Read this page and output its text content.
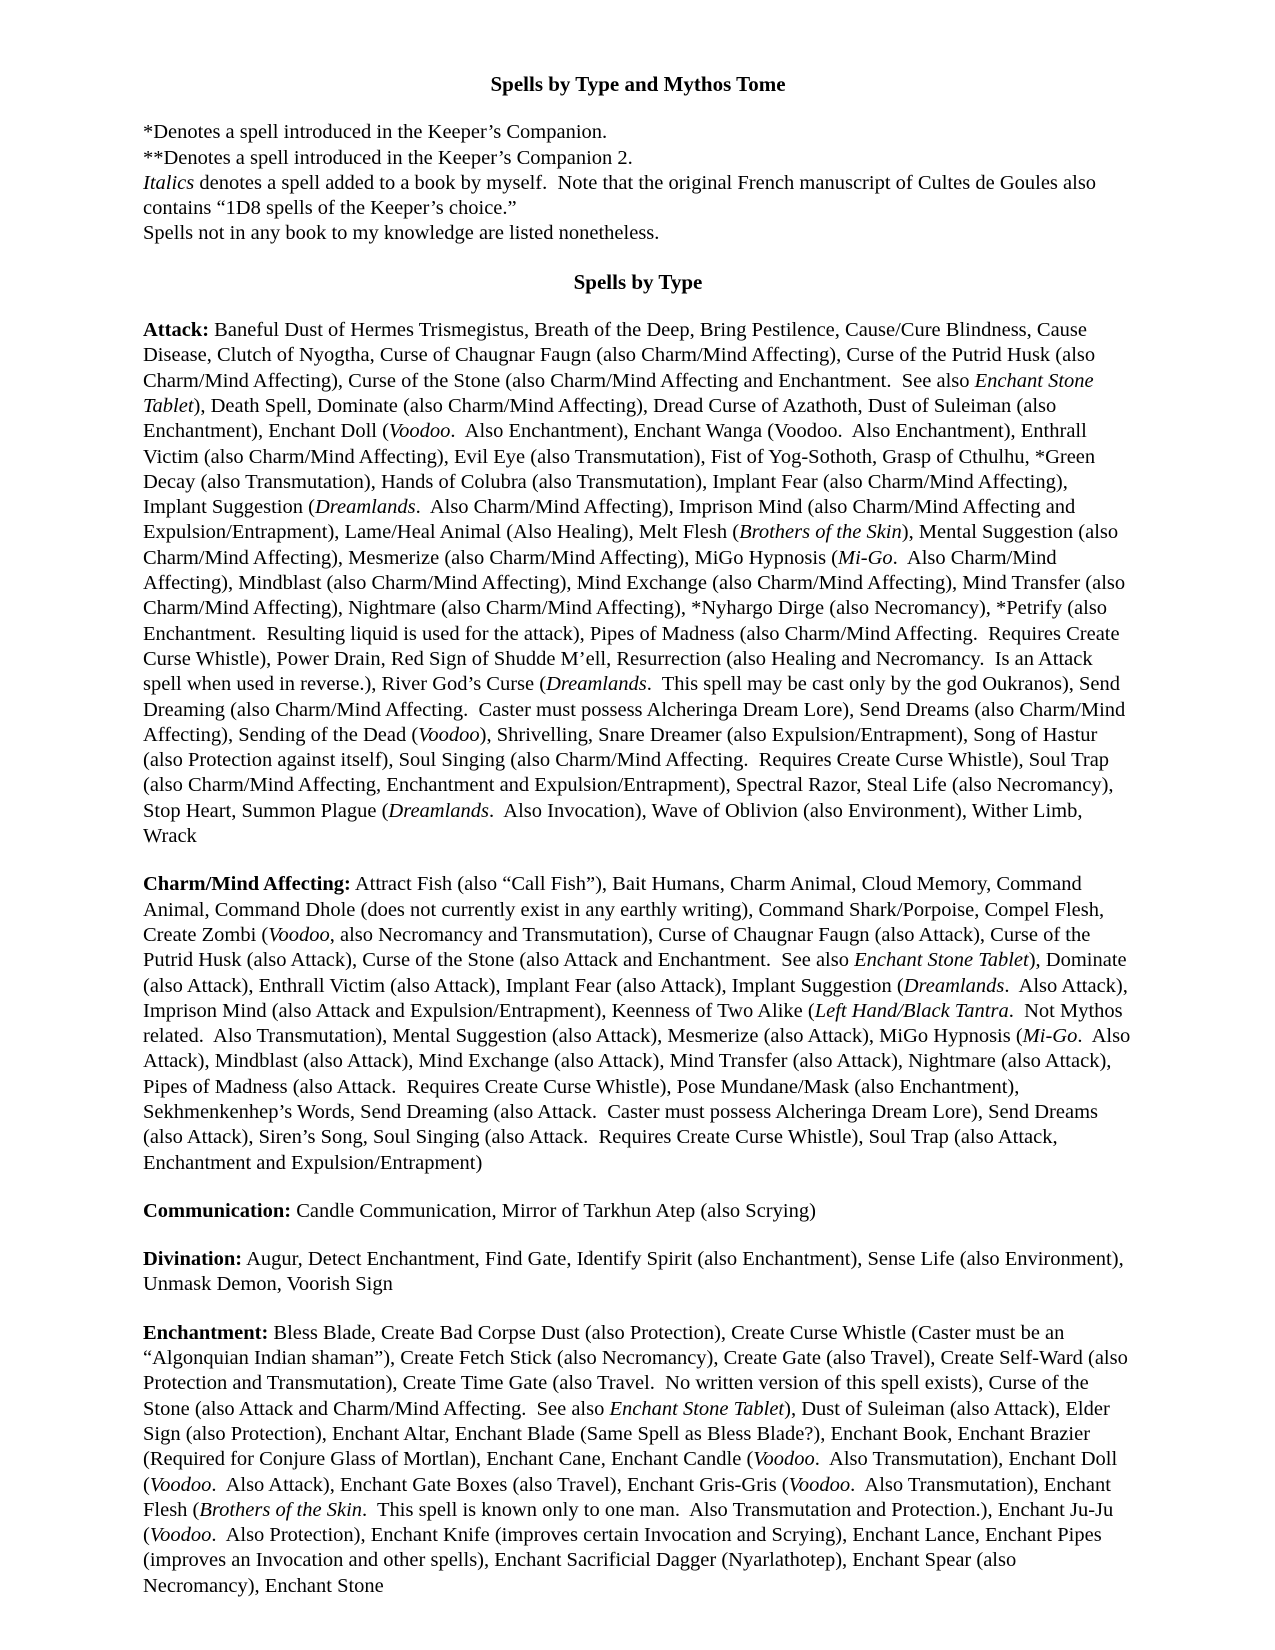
Spells by Type and Mythos Tome

*Denotes a spell introduced in the Keeper’s Companion.
**Denotes a spell introduced in the Keeper’s Companion 2.
Italics denotes a spell added to a book by myself.  Note that the original French manuscript of Cultes de Goules also contains “1D8 spells of the Keeper’s choice.”
Spells not in any book to my knowledge are listed nonetheless.

Spells by Type

Attack: Baneful Dust of Hermes Trismegistus, Breath of the Deep, Bring Pestilence, Cause/Cure Blindness, Cause Disease, Clutch of Nyogtha, Curse of Chaugnar Faugn (also Charm/Mind Affecting), Curse of the Putrid Husk (also Charm/Mind Affecting), Curse of the Stone (also Charm/Mind Affecting and Enchantment.  See also Enchant Stone Tablet), Death Spell, Dominate (also Charm/Mind Affecting), Dread Curse of Azathoth, Dust of Suleiman (also Enchantment), Enchant Doll (Voodoo.  Also Enchantment), Enchant Wanga (Voodoo.  Also Enchantment), Enthrall Victim (also Charm/Mind Affecting), Evil Eye (also Transmutation), Fist of Yog-Sothoth, Grasp of Cthulhu, *Green Decay (also Transmutation), Hands of Colubra (also Transmutation), Implant Fear (also Charm/Mind Affecting), Implant Suggestion (Dreamlands.  Also Charm/Mind Affecting), Imprison Mind (also Charm/Mind Affecting and Expulsion/Entrapment), Lame/Heal Animal (Also Healing), Melt Flesh (Brothers of the Skin), Mental Suggestion (also Charm/Mind Affecting), Mesmerize (also Charm/Mind Affecting), MiGo Hypnosis (Mi-Go.  Also Charm/Mind Affecting), Mindblast (also Charm/Mind Affecting), Mind Exchange (also Charm/Mind Affecting), Mind Transfer (also Charm/Mind Affecting), Nightmare (also Charm/Mind Affecting), *Nyhargo Dirge (also Necromancy), *Petrify (also Enchantment.  Resulting liquid is used for the attack), Pipes of Madness (also Charm/Mind Affecting.  Requires Create Curse Whistle), Power Drain, Red Sign of Shudde M’ell, Resurrection (also Healing and Necromancy.  Is an Attack spell when used in reverse.), River God’s Curse (Dreamlands.  This spell may be cast only by the god Oukranos), Send Dreaming (also Charm/Mind Affecting.  Caster must possess Alcheringa Dream Lore), Send Dreams (also Charm/Mind Affecting), Sending of the Dead (Voodoo), Shrivelling, Snare Dreamer (also Expulsion/Entrapment), Song of Hastur (also Protection against itself), Soul Singing (also Charm/Mind Affecting.  Requires Create Curse Whistle), Soul Trap (also Charm/Mind Affecting, Enchantment and Expulsion/Entrapment), Spectral Razor, Steal Life (also Necromancy), Stop Heart, Summon Plague (Dreamlands.  Also Invocation), Wave of Oblivion (also Environment), Wither Limb, Wrack

Charm/Mind Affecting: Attract Fish (also “Call Fish”), Bait Humans, Charm Animal, Cloud Memory, Command Animal, Command Dhole (does not currently exist in any earthly writing), Command Shark/Porpoise, Compel Flesh, Create Zombi (Voodoo, also Necromancy and Transmutation), Curse of Chaugnar Faugn (also Attack), Curse of the Putrid Husk (also Attack), Curse of the Stone (also Attack and Enchantment.  See also Enchant Stone Tablet), Dominate (also Attack), Enthrall Victim (also Attack), Implant Fear (also Attack), Implant Suggestion (Dreamlands.  Also Attack), Imprison Mind (also Attack and Expulsion/Entrapment), Keenness of Two Alike (Left Hand/Black Tantra.  Not Mythos related.  Also Transmutation), Mental Suggestion (also Attack), Mesmerize (also Attack), MiGo Hypnosis (Mi-Go.  Also Attack), Mindblast (also Attack), Mind Exchange (also Attack), Mind Transfer (also Attack), Nightmare (also Attack), Pipes of Madness (also Attack.  Requires Create Curse Whistle), Pose Mundane/Mask (also Enchantment), Sekhmenkenhep’s Words, Send Dreaming (also Attack.  Caster must possess Alcheringa Dream Lore), Send Dreams (also Attack), Siren’s Song, Soul Singing (also Attack.  Requires Create Curse Whistle), Soul Trap (also Attack, Enchantment and Expulsion/Entrapment)

Communication: Candle Communication, Mirror of Tarkhun Atep (also Scrying)

Divination: Augur, Detect Enchantment, Find Gate, Identify Spirit (also Enchantment), Sense Life (also Environment), Unmask Demon, Voorish Sign

Enchantment: Bless Blade, Create Bad Corpse Dust (also Protection), Create Curse Whistle (Caster must be an “Algonquian Indian shaman”), Create Fetch Stick (also Necromancy), Create Gate (also Travel), Create Self-Ward (also Protection and Transmutation), Create Time Gate (also Travel.  No written version of this spell exists), Curse of the Stone (also Attack and Charm/Mind Affecting.  See also Enchant Stone Tablet), Dust of Suleiman (also Attack), Elder Sign (also Protection), Enchant Altar, Enchant Blade (Same Spell as Bless Blade?), Enchant Book, Enchant Brazier (Required for Conjure Glass of Mortlan), Enchant Cane, Enchant Candle (Voodoo.  Also Transmutation), Enchant Doll (Voodoo.  Also Attack), Enchant Gate Boxes (also Travel), Enchant Gris-Gris (Voodoo.  Also Transmutation), Enchant Flesh (Brothers of the Skin.  This spell is known only to one man.  Also Transmutation and Protection.), Enchant Ju-Ju (Voodoo.  Also Protection), Enchant Knife (improves certain Invocation and Scrying), Enchant Lance, Enchant Pipes (improves an Invocation and other spells), Enchant Sacrificial Dagger (Nyarlathotep), Enchant Spear (also Necromancy), Enchant Stone
